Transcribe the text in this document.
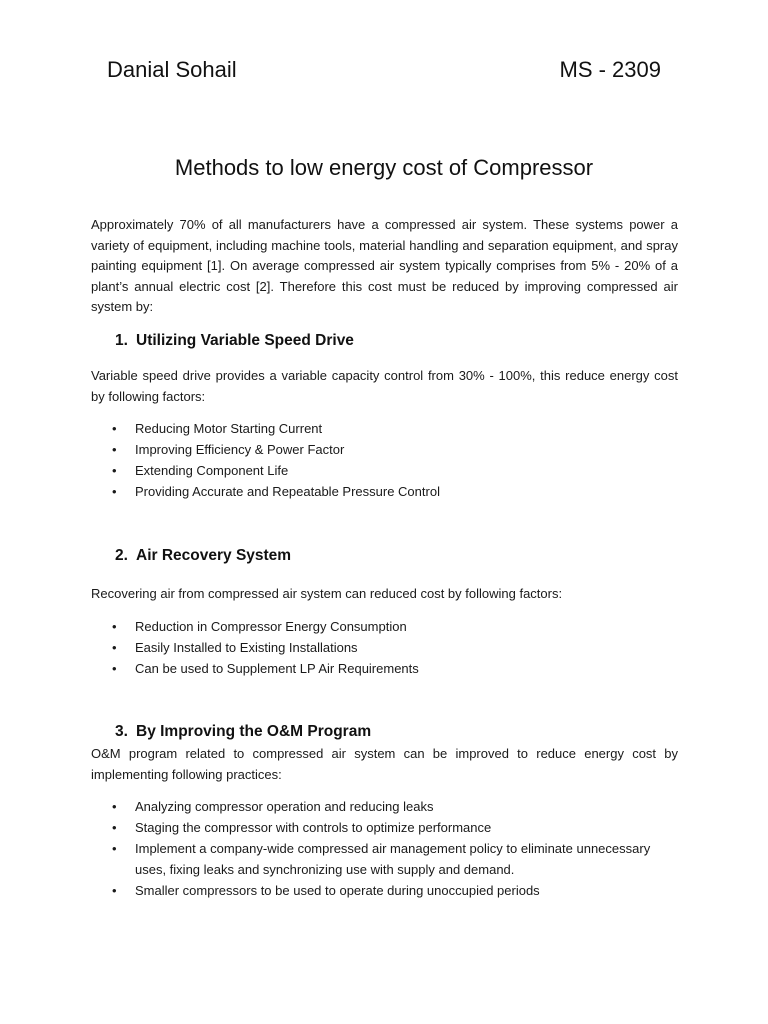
Danial Sohail	MS - 2309
Methods to low energy cost of Compressor

Approximately 70% of all manufacturers have a compressed air system. These systems power a variety of equipment, including machine tools, material handling and separation equipment, and spray painting equipment [1]. On average compressed air system typically comprises from 5% - 20% of a plant’s annual electric cost [2]. Therefore this cost must be reduced by improving compressed air system by:

1. Utilizing Variable Speed Drive

Variable speed drive provides a variable capacity control from 30% - 100%, this reduce energy cost by following factors:

• Reducing Motor Starting Current
• Improving Efficiency & Power Factor
• Extending Component Life
• Providing Accurate and Repeatable Pressure Control
2. Air Recovery System

Recovering air from compressed air system can reduced cost by following factors:

• Reduction in Compressor Energy Consumption
• Easily Installed to Existing Installations
• Can be used to Supplement LP Air Requirements
3. By Improving the O&M Program

O&M program related to compressed air system can be improved to reduce energy cost by implementing following practices:

• Analyzing compressor operation and reducing leaks
• Staging the compressor with controls to optimize performance
• Implement a company-wide compressed air management policy to eliminate unnecessary uses, fixing leaks and synchronizing use with supply and demand.
• Smaller compressors to be used to operate during unoccupied periods
